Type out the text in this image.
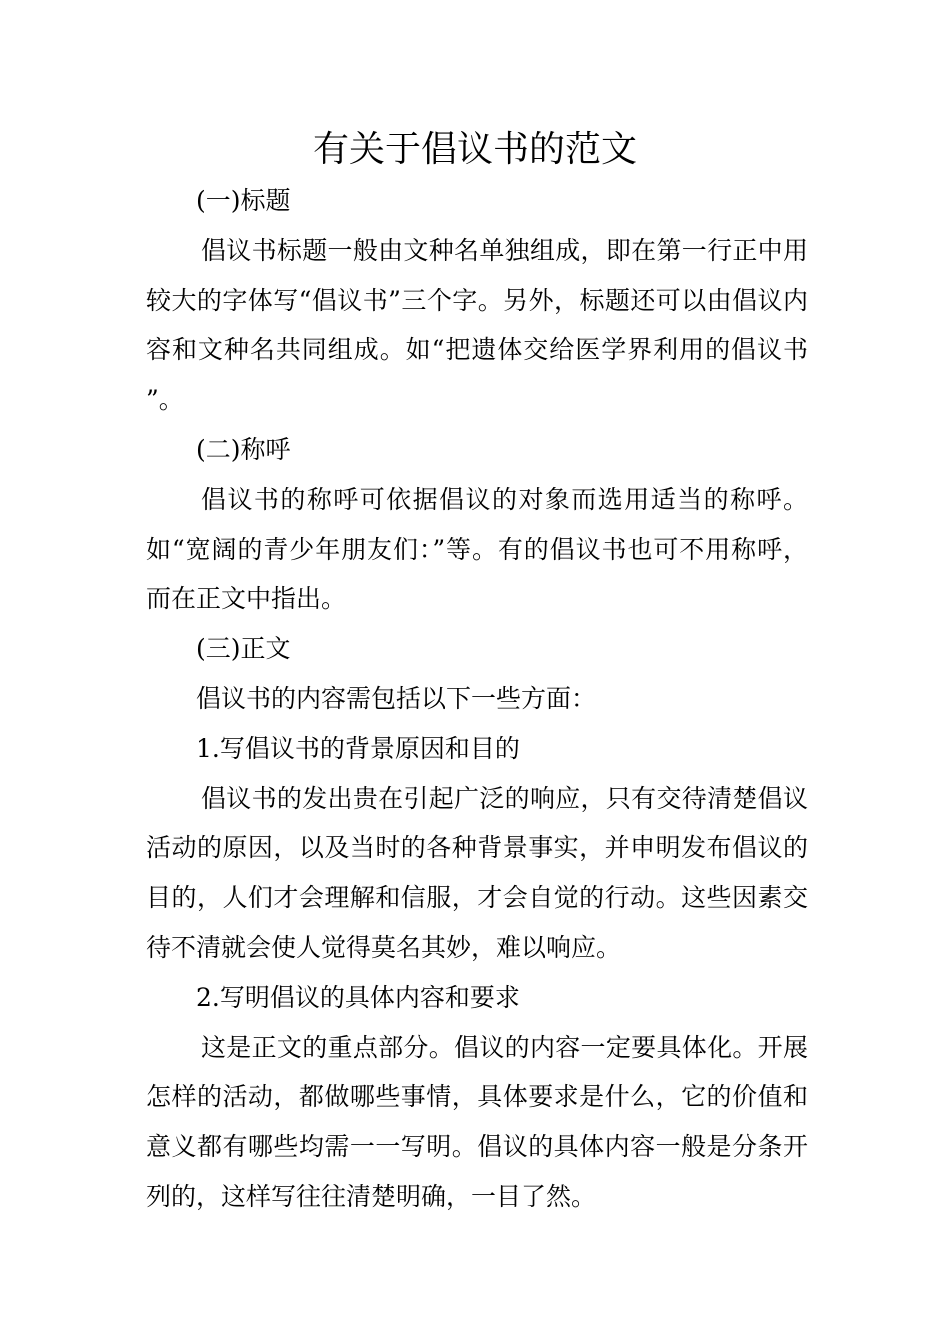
有关于倡议书的范文

(一)标题

倡议书标题一般由文种名单独组成，即在第一行正中用较大的字体写“倡议书”三个字。另外，标题还可以由倡议内容和文种名共同组成。如“把遗体交给医学界利用的倡议书 ”。

(二)称呼

倡议书的称呼可依据倡议的对象而选用适当的称呼。如“宽阔的青少年朋友们：”等。有的倡议书也可不用称呼，而在正文中指出。

(三)正文

倡议书的内容需包括以下一些方面：

1.写倡议书的背景原因和目的

倡议书的发出贵在引起广泛的响应，只有交待清楚倡议活动的原因，以及当时的各种背景事实，并申明发布倡议的目的，人们才会理解和信服，才会自觉的行动。这些因素交待不清就会使人觉得莫名其妙，难以响应。

2.写明倡议的具体内容和要求

这是正文的重点部分。倡议的内容一定要具体化。开展怎样的活动，都做哪些事情，具体要求是什么，它的价值和意义都有哪些均需一一写明。倡议的具体内容一般是分条开列的，这样写往往清楚明确，一目了然。
